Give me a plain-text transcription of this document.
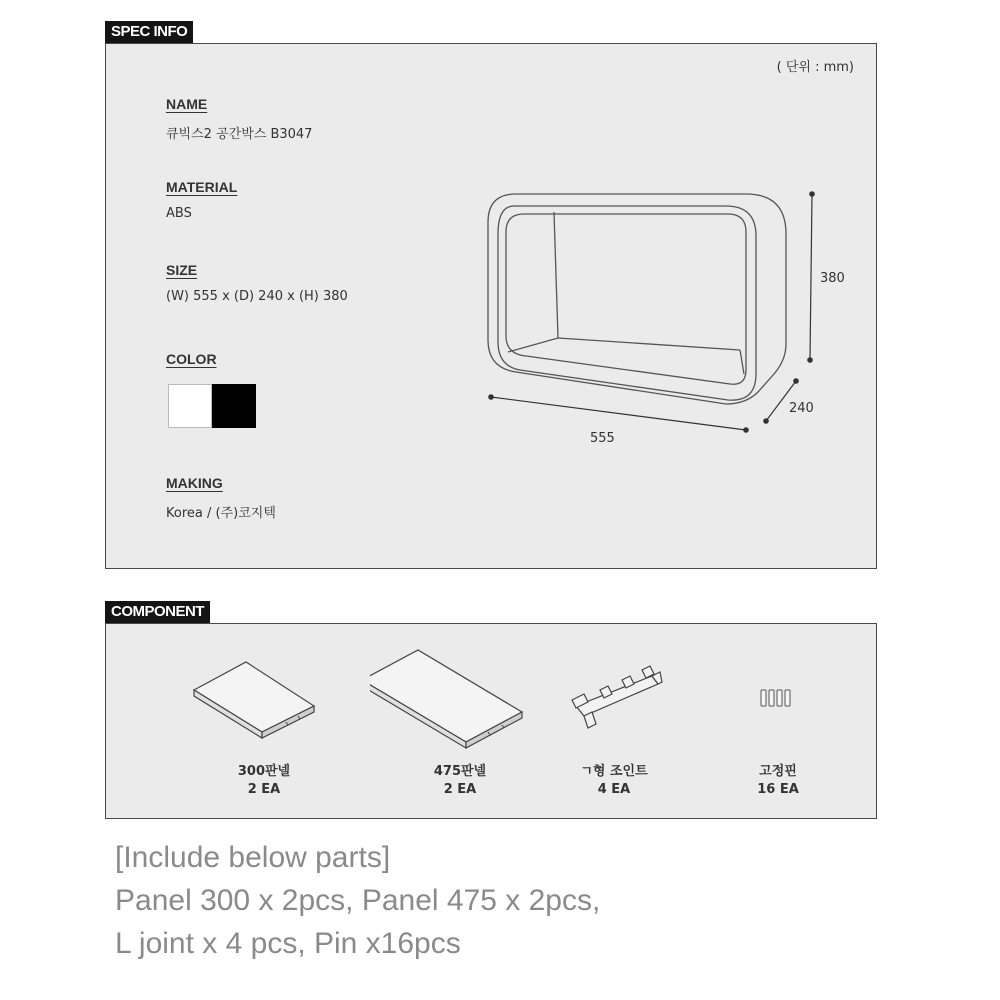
SPEC INFO
( 단위 : mm)
NAME
큐빅스2 공간박스 B3047
MATERIAL
ABS
SIZE
(W) 555 x (D) 240 x (H) 380
COLOR
MAKING
Korea / (주)코지텍
380
240
555
COMPONENT
300판넬
2 EA
475판넬
2 EA
ㄱ형 조인트
4 EA
고정핀
16 EA
[Include below parts]
Panel 300 x 2pcs, Panel 475 x 2pcs,
L joint x 4 pcs, Pin x16pcs
